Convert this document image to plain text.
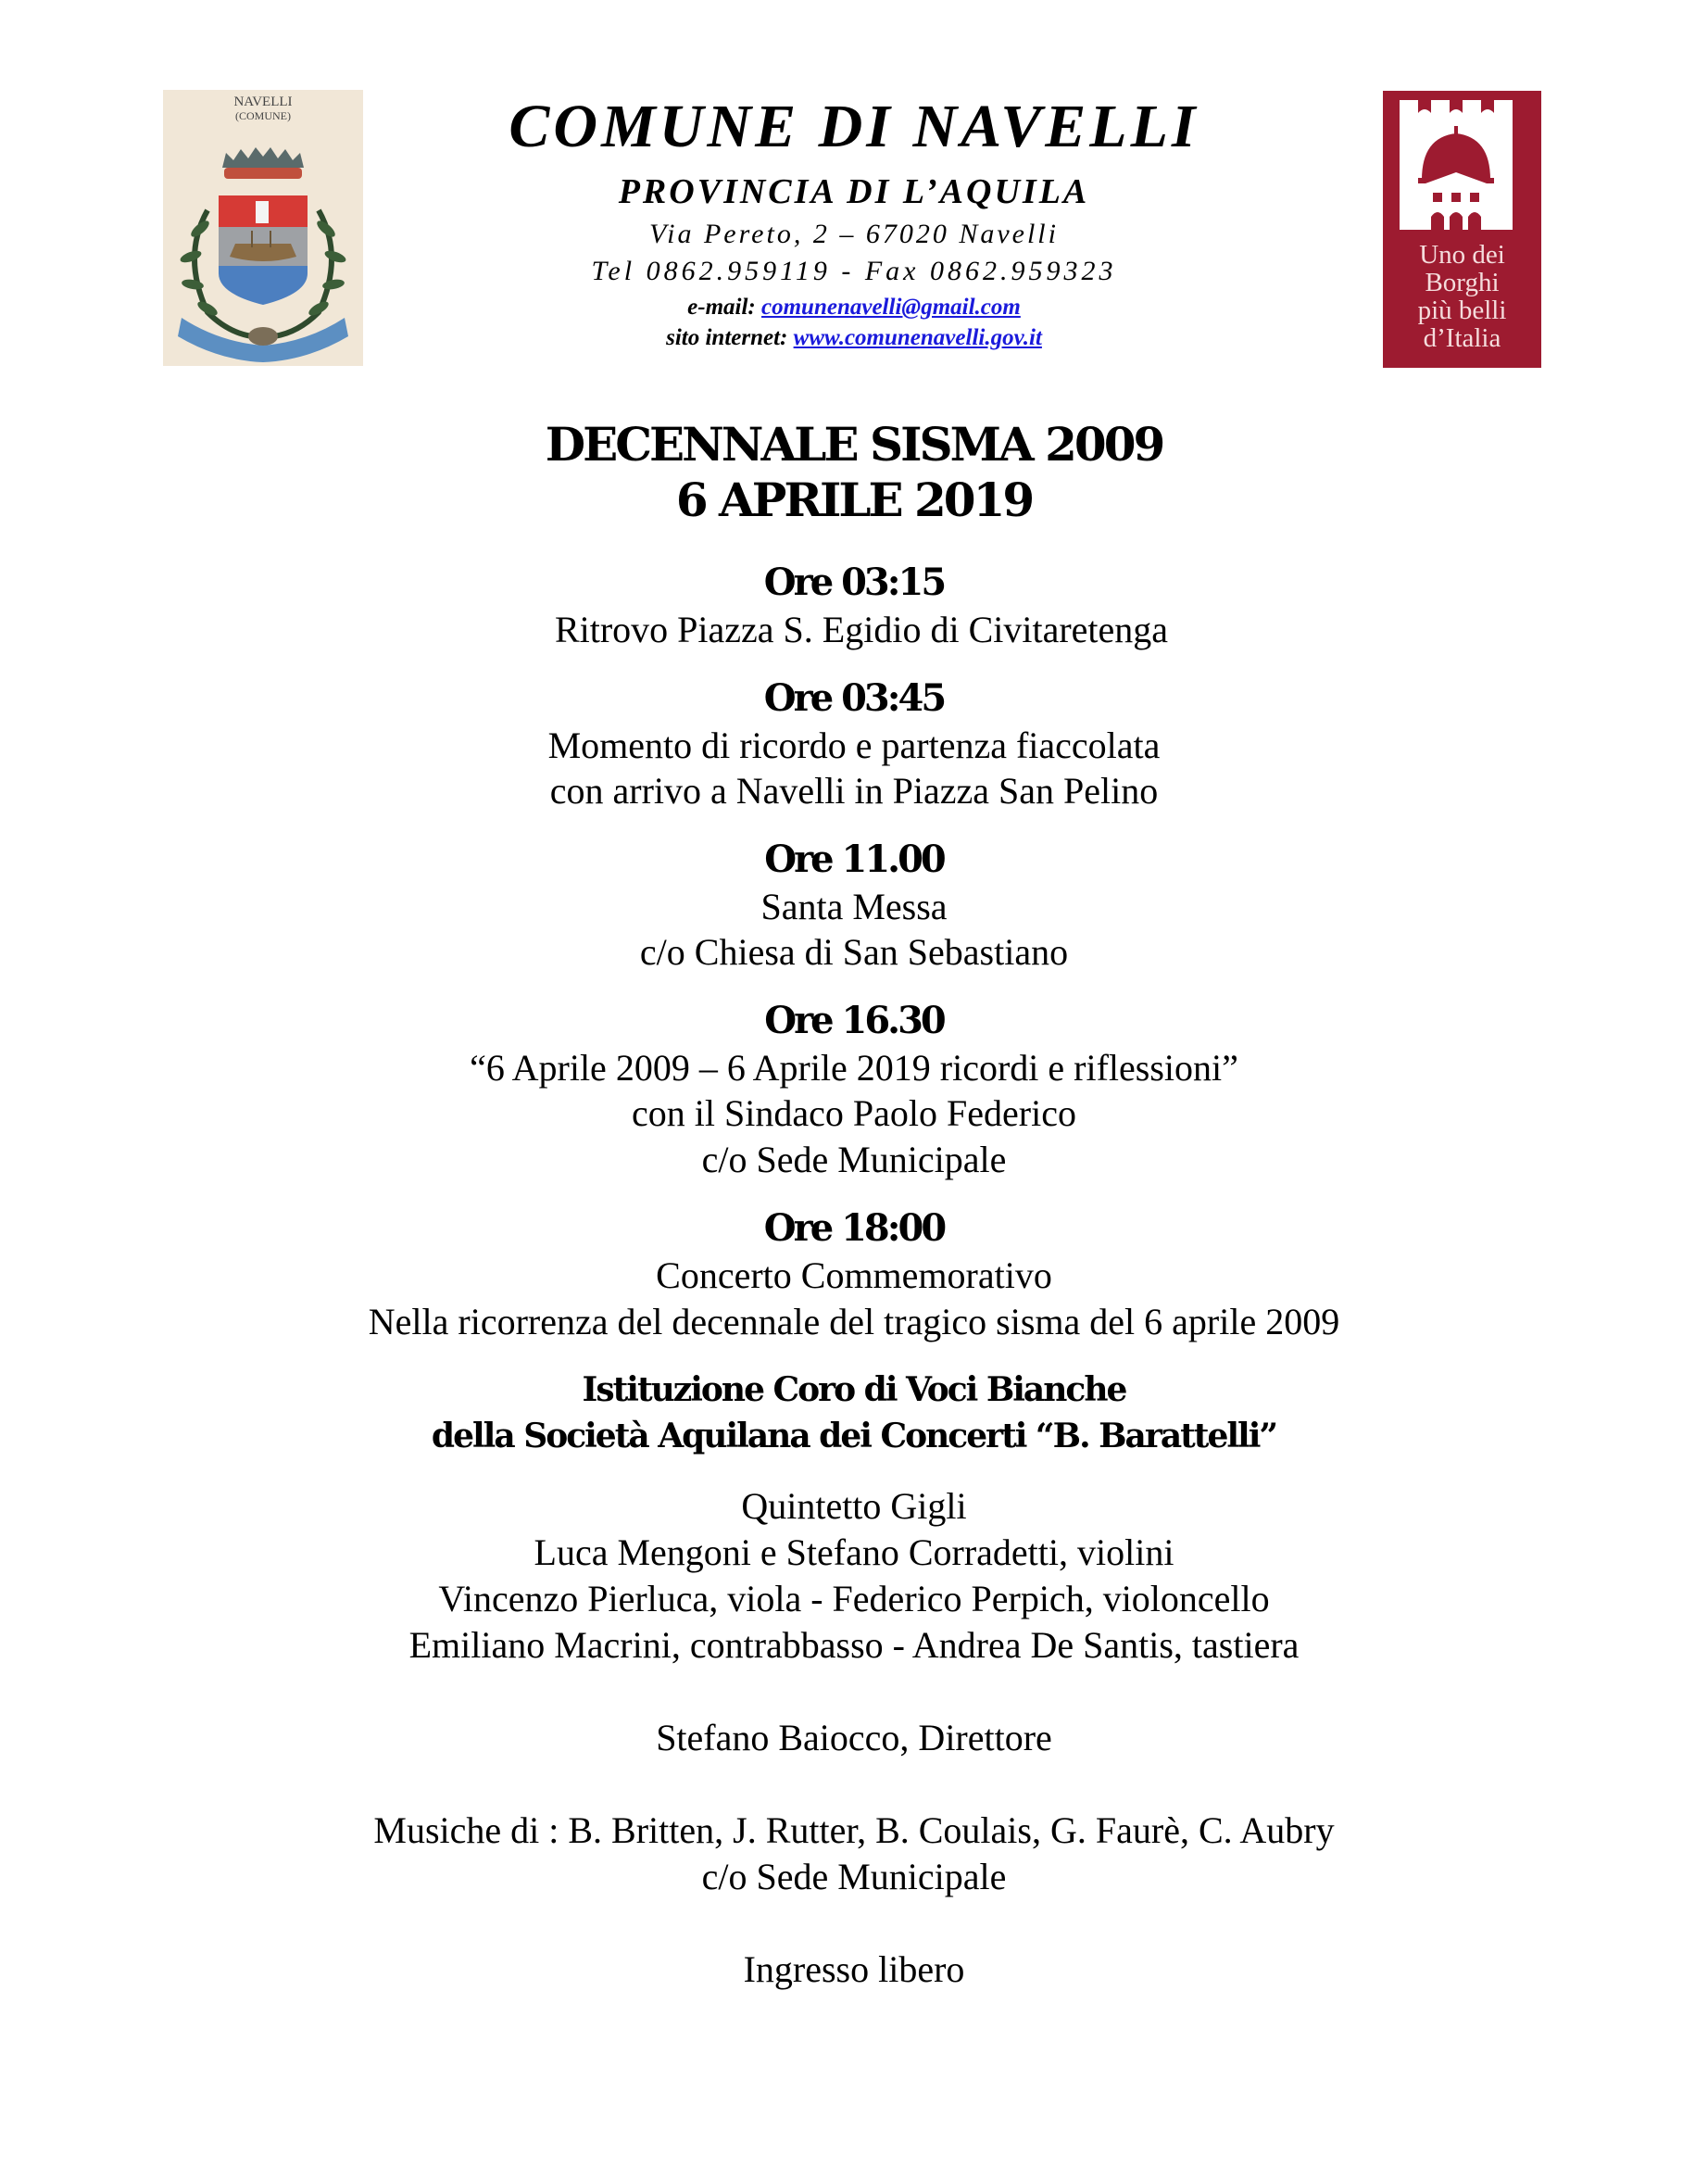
NAVELLI
(COMUNE)	COMUNE DI NAVELLI
PROVINCIA DI L’AQUILA
Via Pereto, 2 – 67020 Navelli
Tel 0862.959119 - Fax 0862.959323
e-mail: comunenavelli@gmail.com
sito internet: www.comunenavelli.gov.it
Uno dei
Borghi
più belli
d’Italia
DECENNALE SISMA 2009
6 APRILE 2019
Ore 03:15
Ritrovo Piazza S. Egidio di Civitaretenga
Ore 03:45
Momento di ricordo e partenza fiaccolata
con arrivo a Navelli in Piazza San Pelino
Ore 11.00
Santa Messa
c/o Chiesa di San Sebastiano
Ore 16.30
“6 Aprile 2009 – 6 Aprile 2019 ricordi e riflessioni”
con il Sindaco Paolo Federico
c/o Sede Municipale
Ore 18:00
Concerto Commemorativo
Nella ricorrenza del decennale del tragico sisma del 6 aprile 2009
Istituzione Coro di Voci Bianche
della Società Aquilana dei Concerti “B. Barattelli”
Quintetto Gigli
Luca Mengoni e Stefano Corradetti, violini
Vincenzo Pierluca, viola - Federico Perpich, violoncello
Emiliano Macrini, contrabbasso - Andrea De Santis, tastiera
Stefano Baiocco, Direttore
Musiche di : B. Britten, J. Rutter, B. Coulais, G. Faurè, C. Aubry
c/o Sede Municipale
Ingresso libero
